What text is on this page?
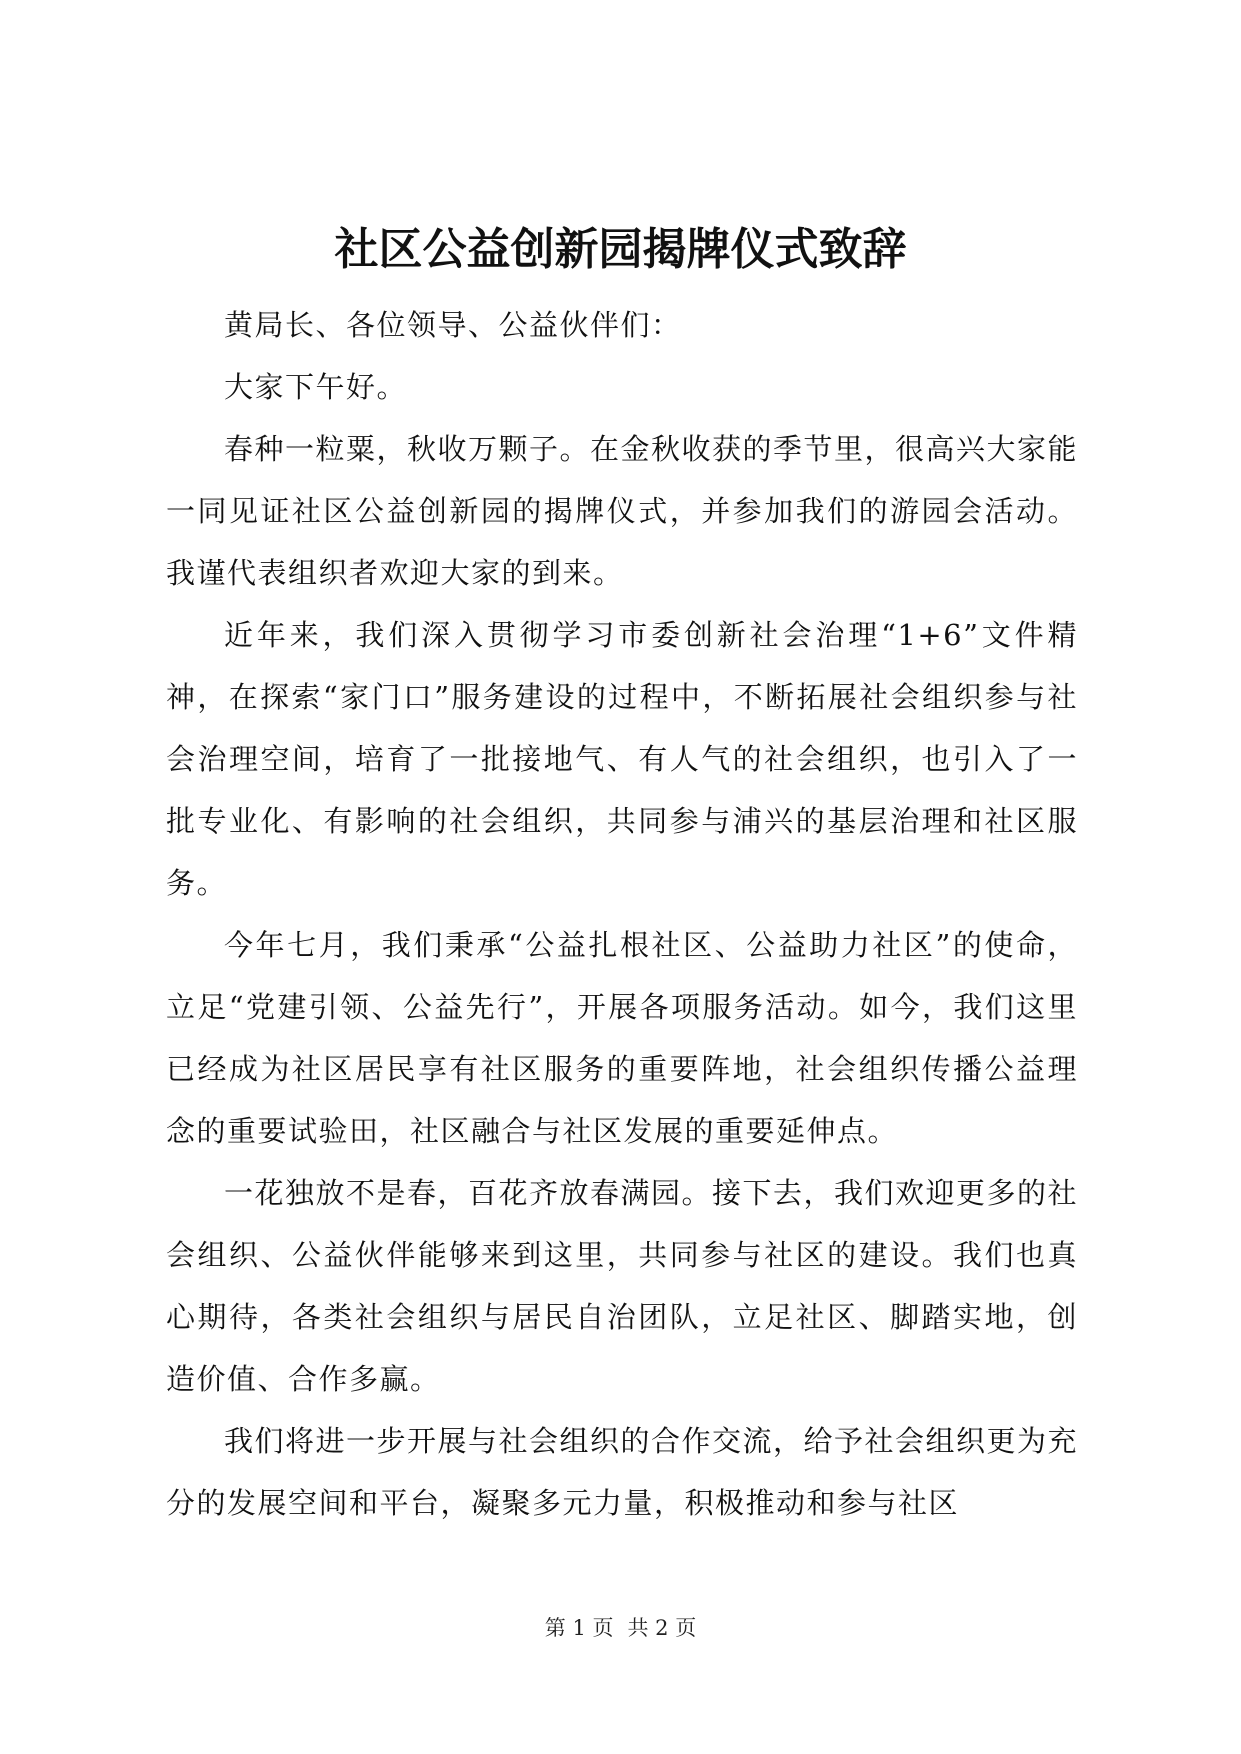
社区公益创新园揭牌仪式致辞

黄局长、各位领导、公益伙伴们：

大家下午好。

春种一粒粟，秋收万颗子。在金秋收获的季节里，很高兴大家能一同见证社区公益创新园的揭牌仪式，并参加我们的游园会活动。我谨代表组织者欢迎大家的到来。

近年来，我们深入贯彻学习市委创新社会治理“1+6”文件精神，在探索“家门口”服务建设的过程中，不断拓展社会组织参与社会治理空间，培育了一批接地气、有人气的社会组织，也引入了一批专业化、有影响的社会组织，共同参与浦兴的基层治理和社区服务。

今年七月，我们秉承“公益扎根社区、公益助力社区”的使命，立足“党建引领、公益先行”，开展各项服务活动。如今，我们这里已经成为社区居民享有社区服务的重要阵地，社会组织传播公益理念的重要试验田，社区融合与社区发展的重要延伸点。

一花独放不是春，百花齐放春满园。接下去，我们欢迎更多的社会组织、公益伙伴能够来到这里，共同参与社区的建设。我们也真心期待，各类社会组织与居民自治团队，立足社区、脚踏实地，创造价值、合作多赢。

我们将进一步开展与社会组织的合作交流，给予社会组织更为充分的发展空间和平台，凝聚多元力量，积极推动和参与社区

第 1 页 共 2 页
